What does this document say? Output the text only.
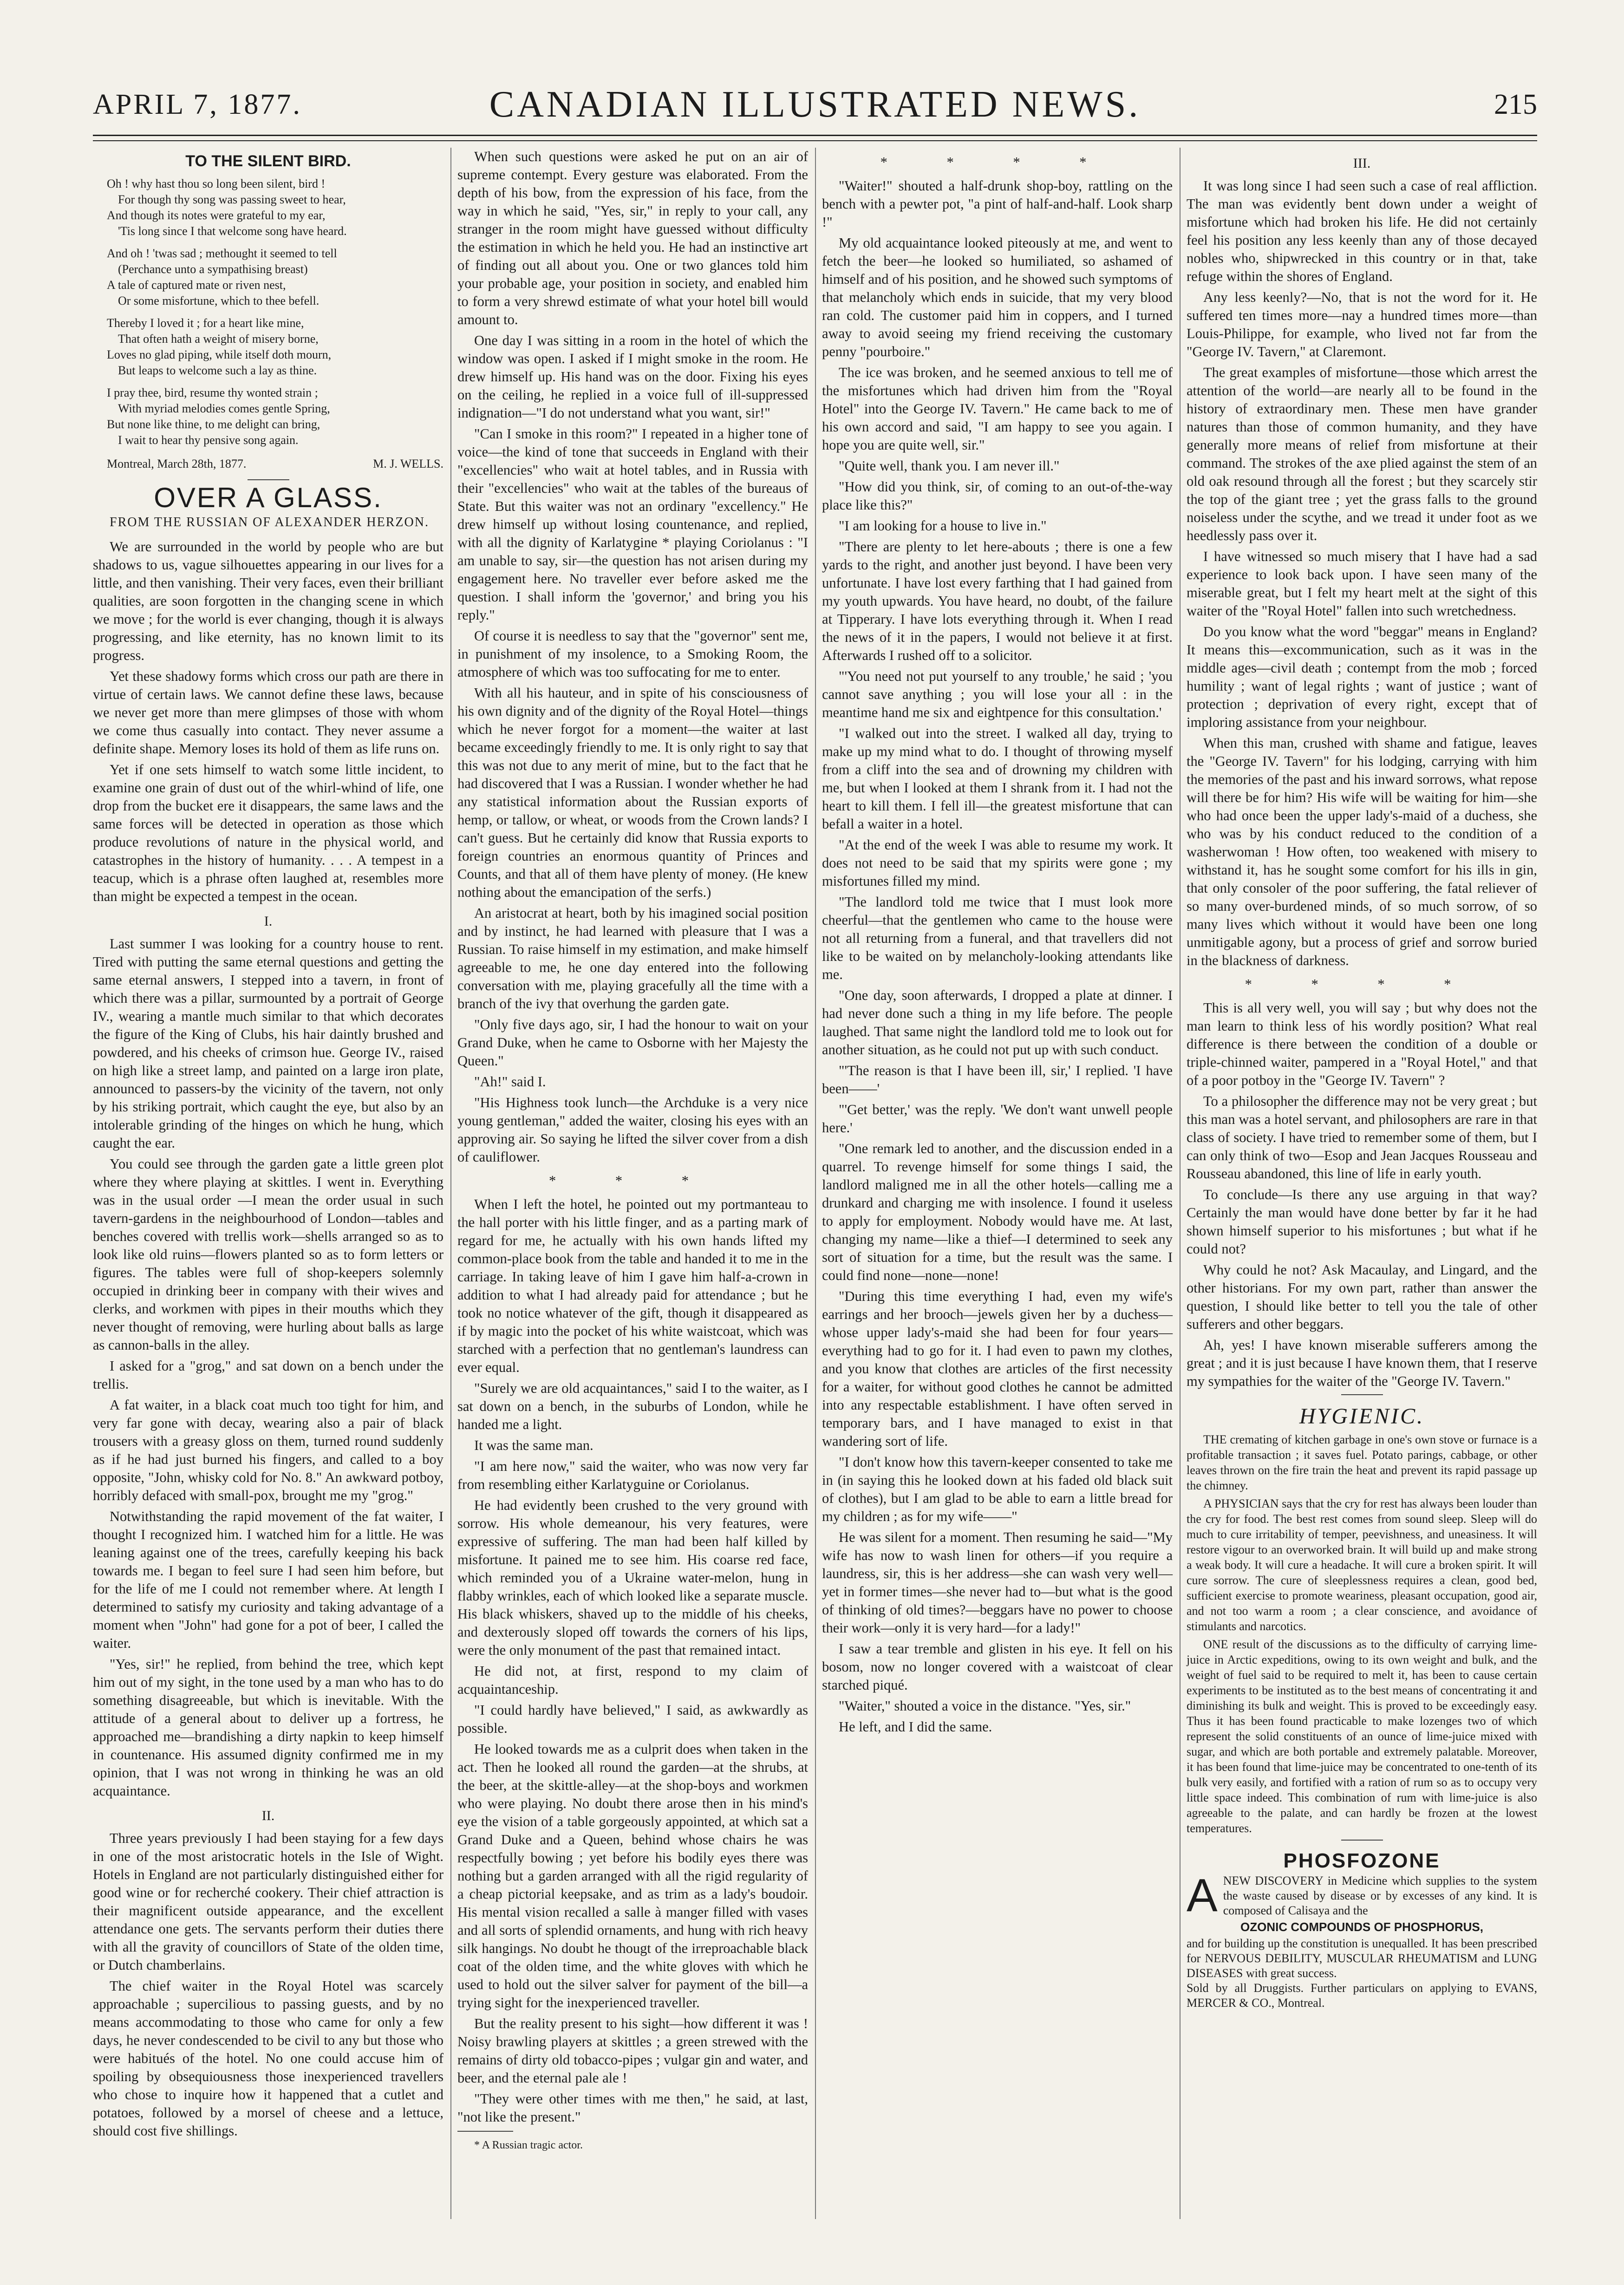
APRIL 7, 1877.	CANADIAN ILLUSTRATED NEWS.	215
TO THE SILENT BIRD.
Oh ! why hast thou so long been silent, bird !
For though thy song was passing sweet to hear,
And though its notes were grateful to my ear,
'Tis long since I that welcome song have heard.
And oh ! 'twas sad ; methought it seemed to tell
(Perchance unto a sympathising breast)
A tale of captured mate or riven nest,
Or some misfortune, which to thee befell.
Thereby I loved it ; for a heart like mine,
That often hath a weight of misery borne,
Loves no glad piping, while itself doth mourn,
But leaps to welcome such a lay as thine.
I pray thee, bird, resume thy wonted strain ;
With myriad melodies comes gentle Spring,
But none like thine, to me delight can bring,
I wait to hear thy pensive song again.
Montreal, March 28th, 1877.	M. J. WELLS.
OVER A GLASS.
FROM THE RUSSIAN OF ALEXANDER HERZON.

We are surrounded in the world by people who are but shadows to us, vague silhouettes appearing in our lives for a little, and then vanishing. Their very faces, even their brilliant qualities, are soon forgotten in the changing scene in which we move ; for the world is ever changing, though it is always progressing, and like eternity, has no known limit to its progress.

Yet these shadowy forms which cross our path are there in virtue of certain laws. We cannot define these laws, because we never get more than mere glimpses of those with whom we come thus casually into contact. They never assume a definite shape. Memory loses its hold of them as life runs on.

Yet if one sets himself to watch some little incident, to examine one grain of dust out of the whirl-whind of life, one drop from the bucket ere it disappears, the same laws and the same forces will be detected in operation as those which produce revolutions of nature in the physical world, and catastrophes in the history of humanity. . . . A tempest in a teacup, which is a phrase often laughed at, resembles more than might be expected a tempest in the ocean.

I.

Last summer I was looking for a country house to rent. Tired with putting the same eternal questions and getting the same eternal answers, I stepped into a tavern, in front of which there was a pillar, surmounted by a portrait of George IV., wearing a mantle much similar to that which decorates the figure of the King of Clubs, his hair daintly brushed and powdered, and his cheeks of crimson hue. George IV., raised on high like a street lamp, and painted on a large iron plate, announced to passers-by the vicinity of the tavern, not only by his striking portrait, which caught the eye, but also by an intolerable grinding of the hinges on which he hung, which caught the ear.

You could see through the garden gate a little green plot where they where playing at skittles. I went in. Everything was in the usual order —I mean the order usual in such tavern-gardens in the neighbourhood of London—tables and benches covered with trellis work—shells arranged so as to look like old ruins—flowers planted so as to form letters or figures. The tables were full of shop-keepers solemnly occupied in drinking beer in company with their wives and clerks, and workmen with pipes in their mouths which they never thought of removing, were hurling about balls as large as cannon-balls in the alley.

I asked for a "grog," and sat down on a bench under the trellis.

A fat waiter, in a black coat much too tight for him, and very far gone with decay, wearing also a pair of black trousers with a greasy gloss on them, turned round suddenly as if he had just burned his fingers, and called to a boy opposite, "John, whisky cold for No. 8." An awkward potboy, horribly defaced with small-pox, brought me my "grog."

Notwithstanding the rapid movement of the fat waiter, I thought I recognized him. I watched him for a little. He was leaning against one of the trees, carefully keeping his back towards me. I began to feel sure I had seen him before, but for the life of me I could not remember where. At length I determined to satisfy my curiosity and taking advantage of a moment when "John" had gone for a pot of beer, I called the waiter.

"Yes, sir!" he replied, from behind the tree, which kept him out of my sight, in the tone used by a man who has to do something disagreeable, but which is inevitable. With the attitude of a general about to deliver up a fortress, he approached me—brandishing a dirty napkin to keep himself in countenance. His assumed dignity confirmed me in my opinion, that I was not wrong in thinking he was an old acquaintance.

II.

Three years previously I had been staying for a few days in one of the most aristocratic hotels in the Isle of Wight. Hotels in England are not particularly distinguished either for good wine or for recherché cookery. Their chief attraction is their magnificent outside appearance, and the excellent attendance one gets. The servants perform their duties there with all the gravity of councillors of State of the olden time, or Dutch chamberlains.

The chief waiter in the Royal Hotel was scarcely approachable ; supercilious to passing guests, and by no means accommodating to those who came for only a few days, he never condescended to be civil to any but those who were habitués of the hotel. No one could accuse him of spoiling by obsequiousness those inexperienced travellers who chose to inquire how it happened that a cutlet and potatoes, followed by a morsel of cheese and a lettuce, should cost five shillings.

When such questions were asked he put on an air of supreme contempt. Every gesture was elaborated. From the depth of his bow, from the expression of his face, from the way in which he said, "Yes, sir," in reply to your call, any stranger in the room might have guessed without difficulty the estimation in which he held you. He had an instinctive art of finding out all about you. One or two glances told him your probable age, your position in society, and enabled him to form a very shrewd estimate of what your hotel bill would amount to.

One day I was sitting in a room in the hotel of which the window was open. I asked if I might smoke in the room. He drew himself up. His hand was on the door. Fixing his eyes on the ceiling, he replied in a voice full of ill-suppressed indignation—"I do not understand what you want, sir!"

"Can I smoke in this room?" I repeated in a higher tone of voice—the kind of tone that succeeds in England with their "excellencies" who wait at hotel tables, and in Russia with their "excellencies" who wait at the tables of the bureaus of State. But this waiter was not an ordinary "excellency." He drew himself up without losing countenance, and replied, with all the dignity of Karlatygine * playing Coriolanus : "I am unable to say, sir—the question has not arisen during my engagement here. No traveller ever before asked me the question. I shall inform the 'governor,' and bring you his reply."

Of course it is needless to say that the "governor" sent me, in punishment of my insolence, to a Smoking Room, the atmosphere of which was too suffocating for me to enter.

With all his hauteur, and in spite of his consciousness of his own dignity and of the dignity of the Royal Hotel—things which he never forgot for a moment—the waiter at last became exceedingly friendly to me. It is only right to say that this was not due to any merit of mine, but to the fact that he had discovered that I was a Russian. I wonder whether he had any statistical information about the Russian exports of hemp, or tallow, or wheat, or woods from the Crown lands? I can't guess. But he certainly did know that Russia exports to foreign countries an enormous quantity of Princes and Counts, and that all of them have plenty of money. (He knew nothing about the emancipation of the serfs.)

An aristocrat at heart, both by his imagined social position and by instinct, he had learned with pleasure that I was a Russian. To raise himself in my estimation, and make himself agreeable to me, he one day entered into the following conversation with me, playing gracefully all the time with a branch of the ivy that overhung the garden gate.

"Only five days ago, sir, I had the honour to wait on your Grand Duke, when he came to Osborne with her Majesty the Queen."

"Ah!" said I.

"His Highness took lunch—the Archduke is a very nice young gentleman," added the waiter, closing his eyes with an approving air. So saying he lifted the silver cover from a dish of cauliflower.

* * *

When I left the hotel, he pointed out my portmanteau to the hall porter with his little finger, and as a parting mark of regard for me, he actually with his own hands lifted my common-place book from the table and handed it to me in the carriage. In taking leave of him I gave him half-a-crown in addition to what I had already paid for attendance ; but he took no notice whatever of the gift, though it disappeared as if by magic into the pocket of his white waistcoat, which was starched with a perfection that no gentleman's laundress can ever equal.

"Surely we are old acquaintances," said I to the waiter, as I sat down on a bench, in the suburbs of London, while he handed me a light.

It was the same man.

"I am here now," said the waiter, who was now very far from resembling either Karlatyguine or Coriolanus.

He had evidently been crushed to the very ground with sorrow. His whole demeanour, his very features, were expressive of suffering. The man had been half killed by misfortune. It pained me to see him. His coarse red face, which reminded you of a Ukraine water-melon, hung in flabby wrinkles, each of which looked like a separate muscle. His black whiskers, shaved up to the middle of his cheeks, and dexterously sloped off towards the corners of his lips, were the only monument of the past that remained intact.

He did not, at first, respond to my claim of acquaintanceship.

"I could hardly have believed," I said, as awkwardly as possible.

He looked towards me as a culprit does when taken in the act. Then he looked all round the garden—at the shrubs, at the beer, at the skittle-alley—at the shop-boys and workmen who were playing. No doubt there arose then in his mind's eye the vision of a table gorgeously appointed, at which sat a Grand Duke and a Queen, behind whose chairs he was respectfully bowing ; yet before his bodily eyes there was nothing but a garden arranged with all the rigid regularity of a cheap pictorial keepsake, and as trim as a lady's boudoir. His mental vision recalled a salle à manger filled with vases and all sorts of splendid ornaments, and hung with rich heavy silk hangings. No doubt he thougt of the irreproachable black coat of the olden time, and the white gloves with which he used to hold out the silver salver for payment of the bill—a trying sight for the inexperienced traveller.

But the reality present to his sight—how different it was ! Noisy brawling players at skittles ; a green strewed with the remains of dirty old tobacco-pipes ; vulgar gin and water, and beer, and the eternal pale ale !

"They were other times with me then," he said, at last, "not like the present."

* A Russian tragic actor.
* * * *

"Waiter!" shouted a half-drunk shop-boy, rattling on the bench with a pewter pot, "a pint of half-and-half. Look sharp !"

My old acquaintance looked piteously at me, and went to fetch the beer—he looked so humiliated, so ashamed of himself and of his position, and he showed such symptoms of that melancholy which ends in suicide, that my very blood ran cold. The customer paid him in coppers, and I turned away to avoid seeing my friend receiving the customary penny "pourboire."

The ice was broken, and he seemed anxious to tell me of the misfortunes which had driven him from the "Royal Hotel" into the George IV. Tavern." He came back to me of his own accord and said, "I am happy to see you again. I hope you are quite well, sir."

"Quite well, thank you. I am never ill."

"How did you think, sir, of coming to an out-of-the-way place like this?"

"I am looking for a house to live in."

"There are plenty to let here-abouts ; there is one a few yards to the right, and another just beyond. I have been very unfortunate. I have lost every farthing that I had gained from my youth upwards. You have heard, no doubt, of the failure at Tipperary. I have lots everything through it. When I read the news of it in the papers, I would not believe it at first. Afterwards I rushed off to a solicitor.

"'You need not put yourself to any trouble,' he said ; 'you cannot save anything ; you will lose your all : in the meantime hand me six and eightpence for this consultation.'

"I walked out into the street. I walked all day, trying to make up my mind what to do. I thought of throwing myself from a cliff into the sea and of drowning my children with me, but when I looked at them I shrank from it. I had not the heart to kill them. I fell ill—the greatest misfortune that can befall a waiter in a hotel.

"At the end of the week I was able to resume my work. It does not need to be said that my spirits were gone ; my misfortunes filled my mind.

"The landlord told me twice that I must look more cheerful—that the gentlemen who came to the house were not all returning from a funeral, and that travellers did not like to be waited on by melancholy-looking attendants like me.

"One day, soon afterwards, I dropped a plate at dinner. I had never done such a thing in my life before. The people laughed. That same night the landlord told me to look out for another situation, as he could not put up with such conduct.

"'The reason is that I have been ill, sir,' I replied. 'I have been——'

"'Get better,' was the reply. 'We don't want unwell people here.'

"One remark led to another, and the discussion ended in a quarrel. To revenge himself for some things I said, the landlord maligned me in all the other hotels—calling me a drunkard and charging me with insolence. I found it useless to apply for employment. Nobody would have me. At last, changing my name—like a thief—I determined to seek any sort of situation for a time, but the result was the same. I could find none—none—none!

"During this time everything I had, even my wife's earrings and her brooch—jewels given her by a duchess—whose upper lady's-maid she had been for four years—everything had to go for it. I had even to pawn my clothes, and you know that clothes are articles of the first necessity for a waiter, for without good clothes he cannot be admitted into any respectable establishment. I have often served in temporary bars, and I have managed to exist in that wandering sort of life.

"I don't know how this tavern-keeper consented to take me in (in saying this he looked down at his faded old black suit of clothes), but I am glad to be able to earn a little bread for my children ; as for my wife——"

He was silent for a moment. Then resuming he said—"My wife has now to wash linen for others—if you require a laundress, sir, this is her address—she can wash very well—yet in former times—she never had to—but what is the good of thinking of old times?—beggars have no power to choose their work—only it is very hard—for a lady!"

I saw a tear tremble and glisten in his eye. It fell on his bosom, now no longer covered with a waistcoat of clear starched piqué.

"Waiter," shouted a voice in the distance. "Yes, sir."

He left, and I did the same.

III.

It was long since I had seen such a case of real affliction. The man was evidently bent down under a weight of misfortune which had broken his life. He did not certainly feel his position any less keenly than any of those decayed nobles who, shipwrecked in this country or in that, take refuge within the shores of England.

Any less keenly?—No, that is not the word for it. He suffered ten times more—nay a hundred times more—than Louis-Philippe, for example, who lived not far from the "George IV. Tavern," at Claremont.

The great examples of misfortune—those which arrest the attention of the world—are nearly all to be found in the history of extraordinary men. These men have grander natures than those of common humanity, and they have generally more means of relief from misfortune at their command. The strokes of the axe plied against the stem of an old oak resound through all the forest ; but they scarcely stir the top of the giant tree ; yet the grass falls to the ground noiseless under the scythe, and we tread it under foot as we heedlessly pass over it.

I have witnessed so much misery that I have had a sad experience to look back upon. I have seen many of the miserable great, but I felt my heart melt at the sight of this waiter of the "Royal Hotel" fallen into such wretchedness.

Do you know what the word "beggar" means in England? It means this—excommunication, such as it was in the middle ages—civil death ; contempt from the mob ; forced humility ; want of legal rights ; want of justice ; want of protection ; deprivation of every right, except that of imploring assistance from your neighbour.

When this man, crushed with shame and fatigue, leaves the "George IV. Tavern" for his lodging, carrying with him the memories of the past and his inward sorrows, what repose will there be for him? His wife will be waiting for him—she who had once been the upper lady's-maid of a duchess, she who was by his conduct reduced to the condition of a washerwoman ! How often, too weakened with misery to withstand it, has he sought some comfort for his ills in gin, that only consoler of the poor suffering, the fatal reliever of so many over-burdened minds, of so much sorrow, of so many lives which without it would have been one long unmitigable agony, but a process of grief and sorrow buried in the blackness of darkness.

* * * *

This is all very well, you will say ; but why does not the man learn to think less of his wordly position? What real difference is there between the condition of a double or triple-chinned waiter, pampered in a "Royal Hotel," and that of a poor potboy in the "George IV. Tavern" ?

To a philosopher the difference may not be very great ; but this man was a hotel servant, and philosophers are rare in that class of society. I have tried to remember some of them, but I can only think of two—Esop and Jean Jacques Rousseau and Rousseau abandoned, this line of life in early youth.

To conclude—Is there any use arguing in that way? Certainly the man would have done better by far it he had shown himself superior to his misfortunes ; but what if he could not?

Why could he not? Ask Macaulay, and Lingard, and the other historians. For my own part, rather than answer the question, I should like better to tell you the tale of other sufferers and other beggars.

Ah, yes! I have known miserable sufferers among the great ; and it is just because I have known them, that I reserve my sympathies for the waiter of the "George IV. Tavern."

HYGIENIC.

THE cremating of kitchen garbage in one's own stove or furnace is a profitable transaction ; it saves fuel. Potato parings, cabbage, or other leaves thrown on the fire train the heat and prevent its rapid passage up the chimney.

A PHYSICIAN says that the cry for rest has always been louder than the cry for food. The best rest comes from sound sleep. Sleep will do much to cure irritability of temper, peevishness, and uneasiness. It will restore vigour to an overworked brain. It will build up and make strong a weak body. It will cure a headache. It will cure a broken spirit. It will cure sorrow. The cure of sleeplessness requires a clean, good bed, sufficient exercise to promote weariness, pleasant occupation, good air, and not too warm a room ; a clear conscience, and avoidance of stimulants and narcotics.

ONE result of the discussions as to the difficulty of carrying lime-juice in Arctic expeditions, owing to its own weight and bulk, and the weight of fuel said to be required to melt it, has been to cause certain experiments to be instituted as to the best means of concentrating it and diminishing its bulk and weight. This is proved to be exceedingly easy. Thus it has been found practicable to make lozenges two of which represent the solid constituents of an ounce of lime-juice mixed with sugar, and which are both portable and extremely palatable. Moreover, it has been found that lime-juice may be concentrated to one-tenth of its bulk very easily, and fortified with a ration of rum so as to occupy very little space indeed. This combination of rum with lime-juice is also agreeable to the palate, and can hardly be frozen at the lowest temperatures.

PHOSFOZONE
A NEW DISCOVERY in Medicine which supplies to the system the waste caused by disease or by excesses of any kind. It is composed of Calisaya and the
OZONIC COMPOUNDS OF PHOSPHORUS,
and for building up the constitution is unequalled. It has been prescribed for NERVOUS DEBILITY, MUSCULAR RHEUMATISM and LUNG DISEASES with great success.
Sold by all Druggists. Further particulars on applying to EVANS, MERCER & CO., Montreal.
